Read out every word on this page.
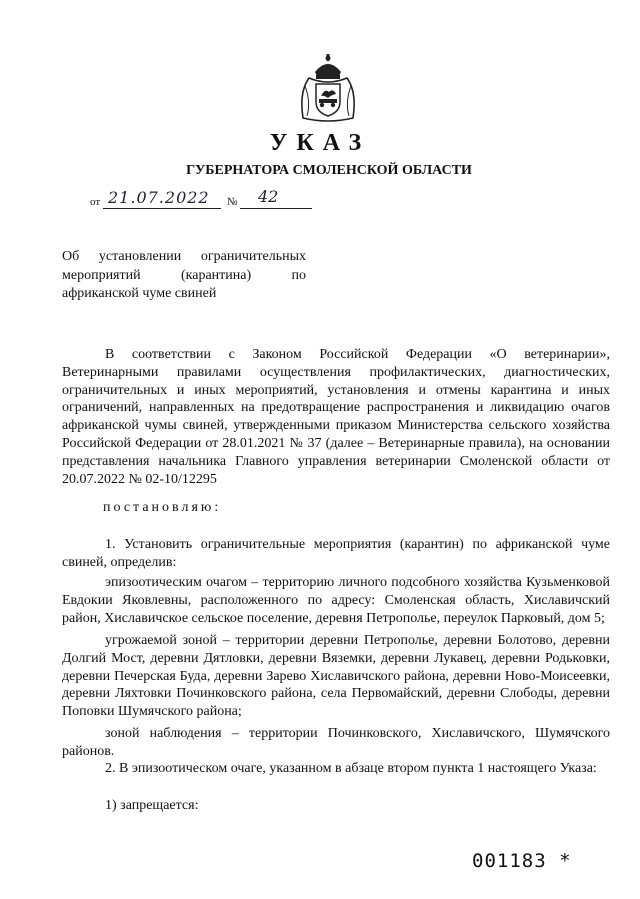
УКАЗ
ГУБЕРНАТОРА СМОЛЕНСКОЙ ОБЛАСТИ
от 21.07.2022 № 42
Об установлении ограничительных
мероприятий (карантина) по
африканской чуме свиней

В соответствии с Законом Российской Федерации «О ветеринарии», Ветеринарными правилами осуществления профилактических, диагностических, ограничительных и иных мероприятий, установления и отмены карантина и иных ограничений, направленных на предотвращение распространения и ликвидацию очагов африканской чумы свиней, утвержденными приказом Министерства сельского хозяйства Российской Федерации от 28.01.2021 № 37 (далее – Ветеринарные правила), на основании представления начальника Главного управления ветеринарии Смоленской области от 20.07.2022 № 02-10/12295

постановляю:

1. Установить ограничительные мероприятия (карантин) по африканской чуме свиней, определив:

эпизоотическим очагом – территорию личного подсобного хозяйства Кузьменковой Евдокии Яковлевны, расположенного по адресу: Смоленская область, Хиславичский район, Хиславичское сельское поселение, деревня Петрополье, переулок Парковый, дом 5;

угрожаемой зоной – территории деревни Петрополье, деревни Болотово, деревни Долгий Мост, деревни Дятловки, деревни Вяземки, деревни Лукавец, деревни Родьковки, деревни Печерская Буда, деревни Зарево Хиславичского района, деревни Ново-Моисеевки, деревни Ляхтовки Починковского района, села Первомайский, деревни Слободы, деревни Поповки Шумячского района;

зоной наблюдения – территории Починковского, Хиславичского, Шумячского районов.

2. В эпизоотическом очаге, указанном в абзаце втором пункта 1 настоящего Указа:

1) запрещается:

001183 *
